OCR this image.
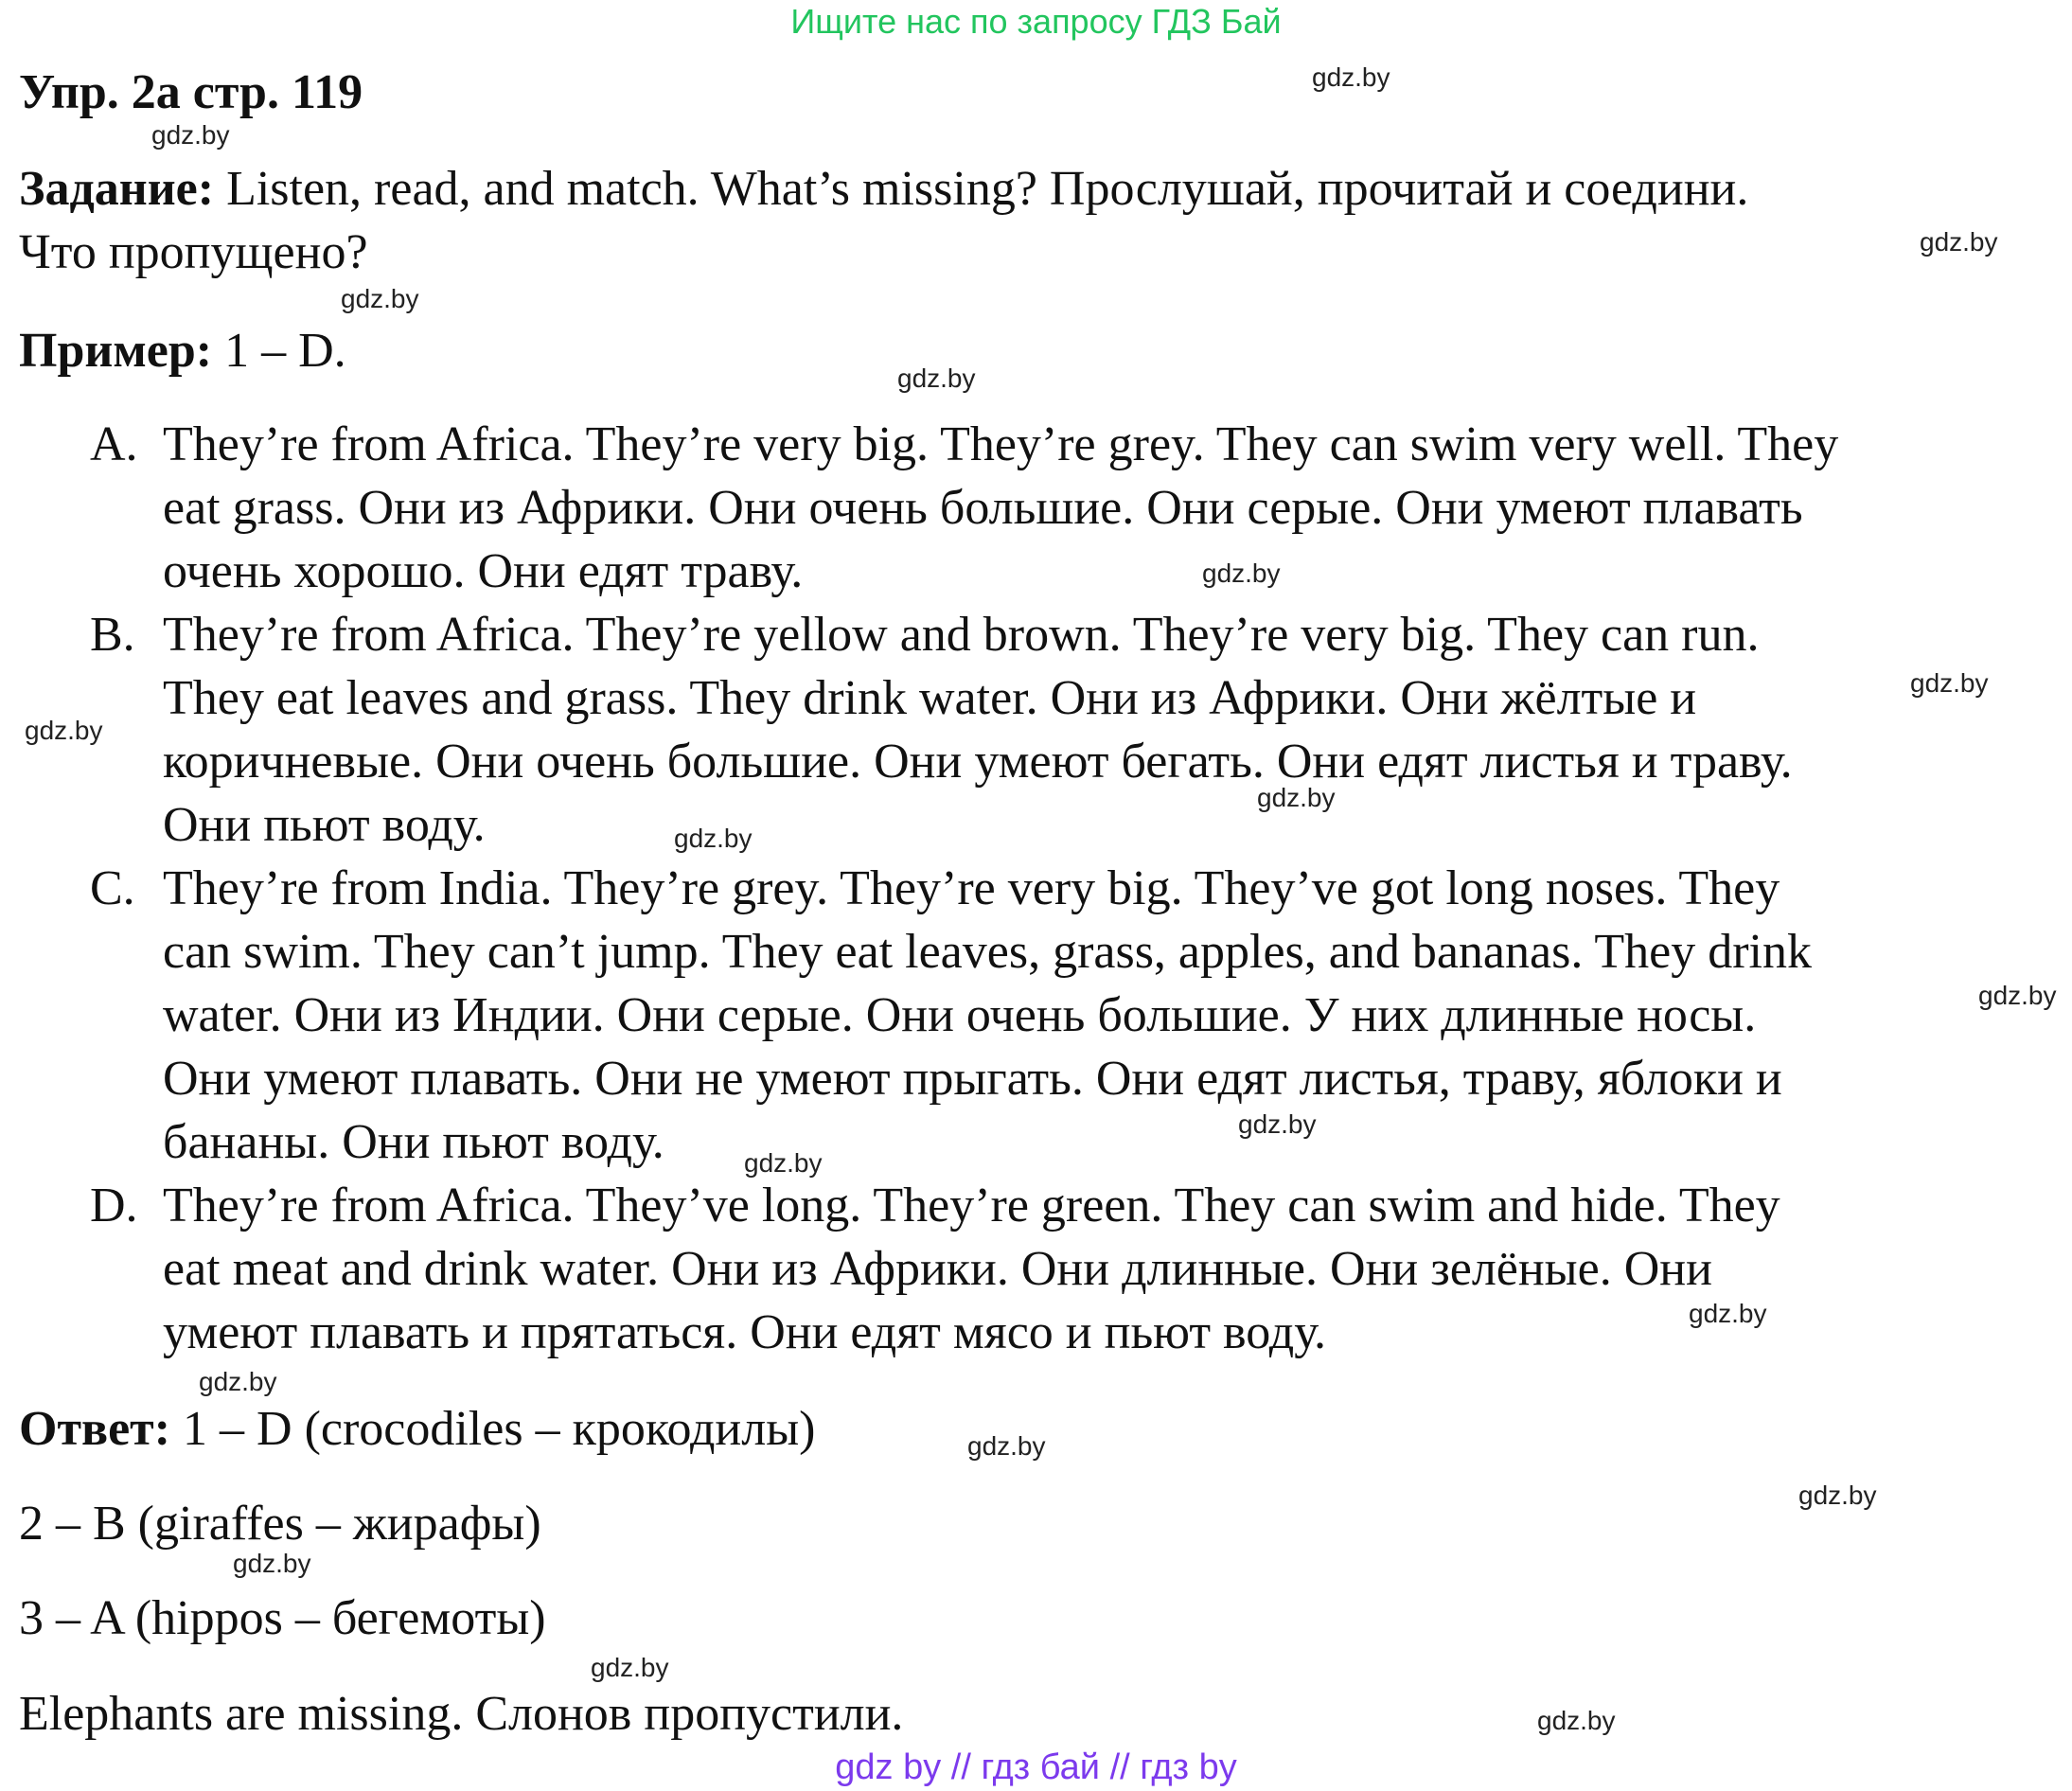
Ищите нас по запросу ГДЗ Бай
Упр. 2а стр. 119
Задание: Listen, read, and match. What’s missing? Прослушай, прочитай и соедини.
Что пропущено?
Пример: 1 – D.
A. They’re from Africa. They’re very big. They’re grey. They can swim very well. They
eat grass. Они из Африки. Они очень большие. Они серые. Они умеют плавать
очень хорошо. Они едят траву.
B. They’re from Africa. They’re yellow and brown. They’re very big. They can run.
They eat leaves and grass. They drink water. Они из Африки. Они жёлтые и
коричневые. Они очень большие. Они умеют бегать. Они едят листья и траву.
Они пьют воду.
C. They’re from India. They’re grey. They’re very big. They’ve got long noses. They
can swim. They can’t jump. They eat leaves, grass, apples, and bananas. They drink
water. Они из Индии. Они серые. Они очень большие. У них длинные носы.
Они умеют плавать. Они не умеют прыгать. Они едят листья, траву, яблоки и
бананы. Они пьют воду.
D. They’re from Africa. They’ve long. They’re green. They can swim and hide. They
eat meat and drink water. Они из Африки. Они длинные. Они зелёные. Они
умеют плавать и прятаться. Они едят мясо и пьют воду.
Ответ: 1 – D (crocodiles – крокодилы)
2 – B (giraffes – жирафы)
3 – A (hippos – бегемоты)
Elephants are missing. Слонов пропустили.
gdz.by
gdz.by
gdz.by
gdz.by
gdz.by
gdz.by
gdz.by
gdz.by
gdz.by
gdz.by
gdz.by
gdz.by
gdz.by
gdz.by
gdz.by
gdz.by
gdz.by
gdz.by
gdz.by
gdz.by
gdz by // гдз бай // гдз by
